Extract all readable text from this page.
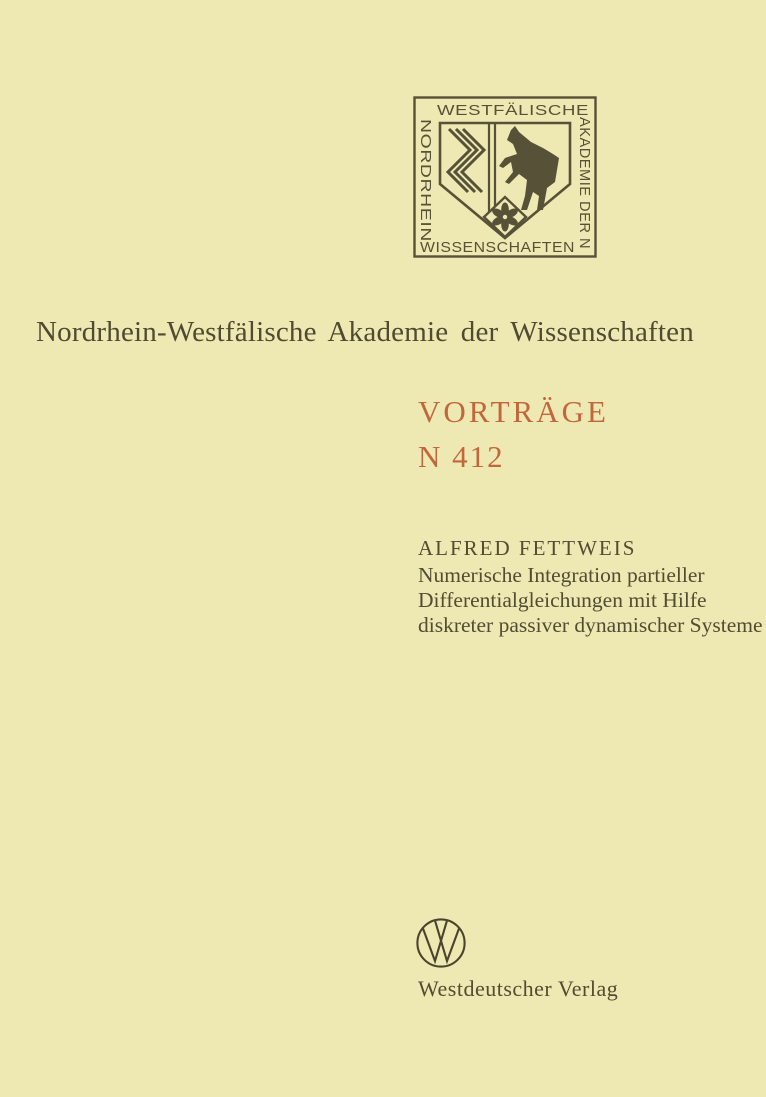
WESTFÄLISCHE
WISSENSCHAFTEN
NORDRHEIN	AKADEMIE DER N
Nordrhein-Westfälische Akademie der Wissenschaften
VORTRÄGE
N 412
ALFRED FETTWEIS
Numerische Integration partieller
Differentialgleichungen mit Hilfe
diskreter passiver dynamischer Systeme
Westdeutscher Verlag
